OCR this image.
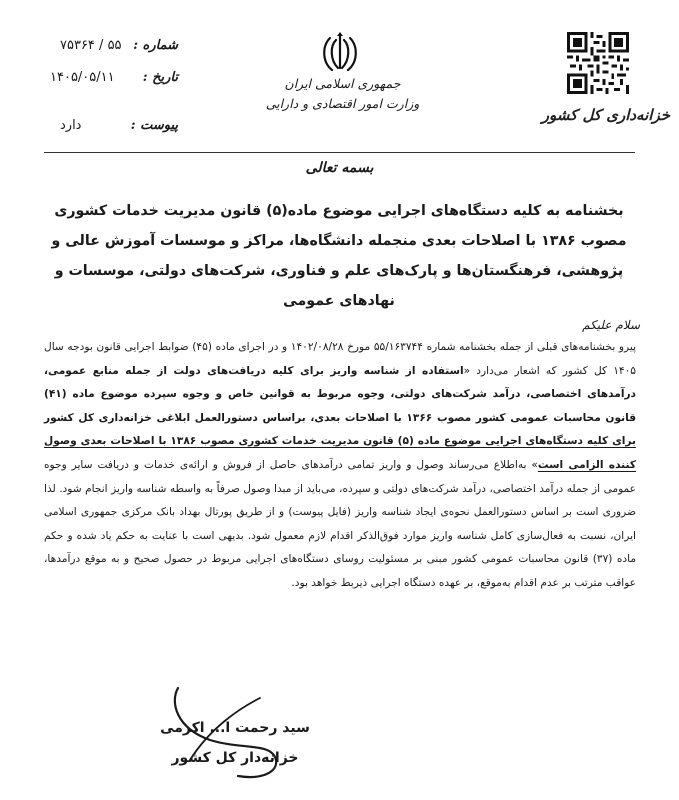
خزانه‌داری کل کشور
جمهوری اسلامی ایران
وزارت امور اقتصادی و دارایی
شماره :
۵۵ / ۷۵۳۶۴
تاریخ :
۱۴۰۵/۰۵/۱۱
پیوست :
دارد
بسمه تعالی
بخشنامه به کلیه دستگاه‌های اجرایی موضوع ماده(۵) قانون مدیریت خدمات کشوری مصوب ۱۳۸۶ با اصلاحات بعدی منجمله دانشگاه‌ها، مراکز و موسسات آموزش عالی و پژوهشی، فرهنگستان‌ها و پارک‌های علم و فناوری، شرکت‌های دولتی، موسسات و نهادهای عمومی
سلام علیکم
پیرو بخشنامه‌های قبلی از جمله بخشنامه شماره ۵۵/۱۶۳۷۴۴ مورخ ۱۴۰۲/۰۸/۲۸ و در اجرای ماده (۴۵) ضوابط اجرایی قانون بودجه سال ۱۴۰۵ کل کشور که اشعار می‌دارد «استفاده از شناسه واریز برای کلیه دریافت‌های دولت از جمله منابع عمومی، درآمدهای اختصاصی، درآمد شرکت‌های دولتی، وجوه مربوط به قوانین خاص و وجوه سپرده موضوع ماده (۴۱) قانون محاسبات عمومی کشور مصوب ۱۳۶۶ با اصلاحات بعدی، براساس دستورالعمل ابلاغی خزانه‌داری کل کشور برای کلیه دستگاه‌های اجرایی موضوع ماده (۵) قانون مدیریت خدمات کشوری مصوب ۱۳۸۶ با اصلاحات بعدی وصول کننده الزامی است» به‌اطلاع می‌رساند وصول و واریز تمامی درآمدهای حاصل از فروش و ارائه‌ی خدمات و دریافت سایر وجوه عمومی از جمله درآمد اختصاصی، درآمد شرکت‌های دولتی و سپرده، می‌باید از مبدا وصول صرفاً به واسطه شناسه واریز انجام شود. لذا ضروری است بر اساس دستورالعمل نحوه‌ی ایجاد شناسه واریز (فایل پیوست) و از طریق پورتال بهداد بانک مرکزی جمهوری اسلامی ایران، نسبت به فعال‌سازی کامل شناسه واریز موارد فوق‌الذکر اقدام لازم معمول شود. بدیهی است با عنایت به حکم یاد شده و حکم ماده (۳۷) قانون محاسبات عمومی کشور مبنی بر مسئولیت روسای دستگاه‌های اجرایی مربوط در حصول صحیح و به موقع درآمدها، عواقب مترتب بر عدم اقدام به‌موقع، بر عهده دستگاه اجرایی ذیربط خواهد بود.
سید رحمت ا... اکرمی
خزانه‌دار کل کشور
